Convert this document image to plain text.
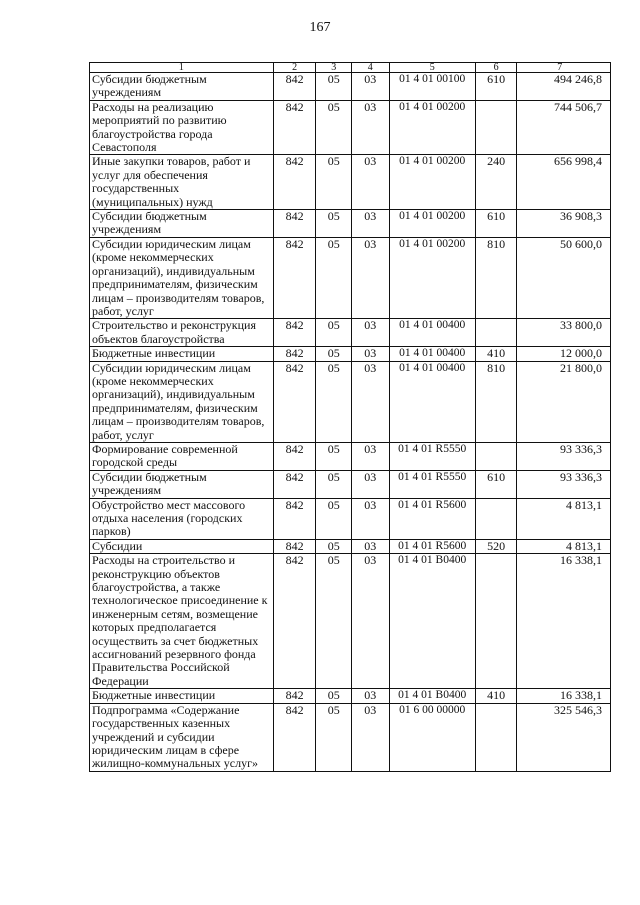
167
1	2	3	4	5	6	7
Субсидии бюджетным учреждениям	842	05	03	01 4 01 00100	610	494 246,8
Расходы на реализацию мероприятий по развитию благоустройства города Севастополя	842	05	03	01 4 01 00200		744 506,7
Иные закупки товаров, работ и услуг для обеспечения государственных (муниципальных) нужд	842	05	03	01 4 01 00200	240	656 998,4
Субсидии бюджетным учреждениям	842	05	03	01 4 01 00200	610	36 908,3
Субсидии юридическим лицам (кроме некоммерческих организаций), индивидуальным предпринимателям, физическим лицам – производителям товаров, работ, услуг	842	05	03	01 4 01 00200	810	50 600,0
Строительство и реконструкция объектов благоустройства	842	05	03	01 4 01 00400		33 800,0
Бюджетные инвестиции	842	05	03	01 4 01 00400	410	12 000,0
Субсидии юридическим лицам (кроме некоммерческих организаций), индивидуальным предпринимателям, физическим лицам – производителям товаров, работ, услуг	842	05	03	01 4 01 00400	810	21 800,0
Формирование современной городской среды	842	05	03	01 4 01 R5550		93 336,3
Субсидии бюджетным учреждениям	842	05	03	01 4 01 R5550	610	93 336,3
Обустройство мест массового отдыха населения (городских парков)	842	05	03	01 4 01 R5600		4 813,1
Субсидии	842	05	03	01 4 01 R5600	520	4 813,1
Расходы на строительство и реконструкцию объектов благоустройства, а также технологическое присоединение к инженерным сетям, возмещение которых предполагается осуществить за счет бюджетных ассигнований резервного фонда Правительства Российской Федерации	842	05	03	01 4 01 B0400		16 338,1
Бюджетные инвестиции	842	05	03	01 4 01 B0400	410	16 338,1
Подпрограмма «Содержание государственных казенных учреждений и субсидии юридическим лицам в сфере жилищно-коммунальных услуг»	842	05	03	01 6 00 00000		325 546,3
